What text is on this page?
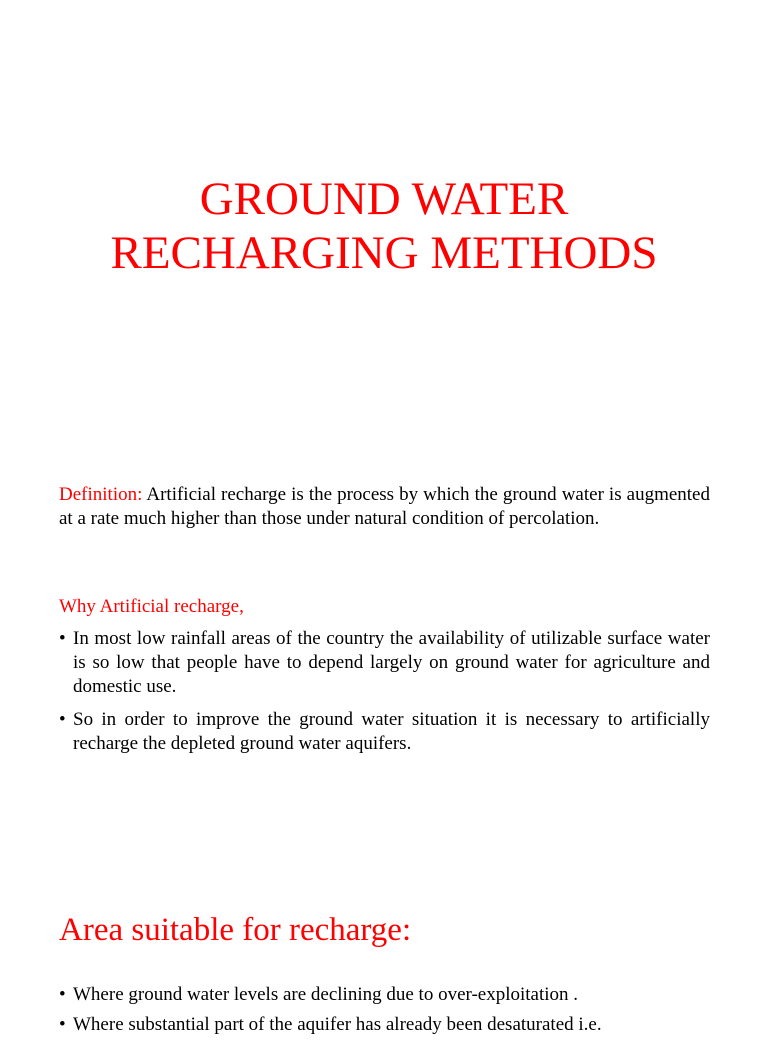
GROUND WATER
RECHARGING METHODS
Definition: Artificial recharge is the process by which the ground water is augmented at a rate much higher than those under natural condition of percolation.
Why Artificial recharge,
• In most low rainfall areas of the country the availability of utilizable surface water is so low that people have to depend largely on ground water for agriculture and domestic use.
• So in order to improve the ground water situation it is necessary to artificially recharge the depleted ground water aquifers.
Area suitable for recharge:
• Where ground water levels are declining due to over-exploitation .
• Where substantial part of the aquifer has already been desaturated i.e.
